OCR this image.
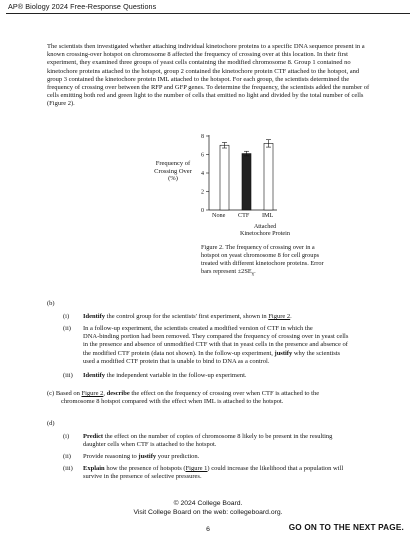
AP® Biology 2024 Free-Response Questions
The scientists then investigated whether attaching individual kinetochore proteins to a specific DNA sequence present in a known crossing-over hotspot on chromosome 8 affected the frequency of crossing over at this location. In their first experiment, they examined three groups of yeast cells containing the modified chromosome 8. Group 1 contained no kinetochore proteins attached to the hotspot, group 2 contained the kinetochore protein CTF attached to the hotspot, and group 3 contained the kinetochore protein IML attached to the hotspot. For each group, the scientists determined the frequency of crossing over between the RFP and GFP genes. To determine the frequency, the scientists added the number of cells emitting both red and green light to the number of cells that emitted no light and divided by the total number of cells (Figure 2).
Frequency of
Crossing Over
(%)
0
2
4
6
8
None CTF IML
Attached
Kinetochore Protein
Figure 2. The frequency of crossing over in a hotspot on yeast chromosome 8 for cell groups treated with different kinetochore proteins. Error bars represent $\pm 2SE_{x̄}$.
(b)
(i)	Identify the control group for the scientists' first experiment, shown in Figure 2.
(ii)	In a follow-up experiment, the scientists created a modified version of CTF in which the
DNA-binding portion had been removed. They compared the frequency of crossing over in yeast cells
in the presence and absence of unmodified CTF with that in yeast cells in the presence and absence of
the modified CTF protein (data not shown). In the follow-up experiment, justify why the scientists
used a modified CTF protein that is unable to bind to DNA as a control.
(iii)	Identify the independent variable in the follow-up experiment.
(c) Based on Figure 2, describe the effect on the frequency of crossing over when CTF is attached to the
chromosome 8 hotspot compared with the effect when IML is attached to the hotspot.
(d)
(i)	Predict the effect on the number of copies of chromosome 8 likely to be present in the resulting
daughter cells when CTF is attached to the hotspot.
(ii)	Provide reasoning to justify your prediction.
(iii)	Explain how the presence of hotspots (Figure 1) could increase the likelihood that a population will
survive in the presence of selective pressures.
© 2024 College Board.
Visit College Board on the web: collegeboard.org.
6	GO ON TO THE NEXT PAGE.
